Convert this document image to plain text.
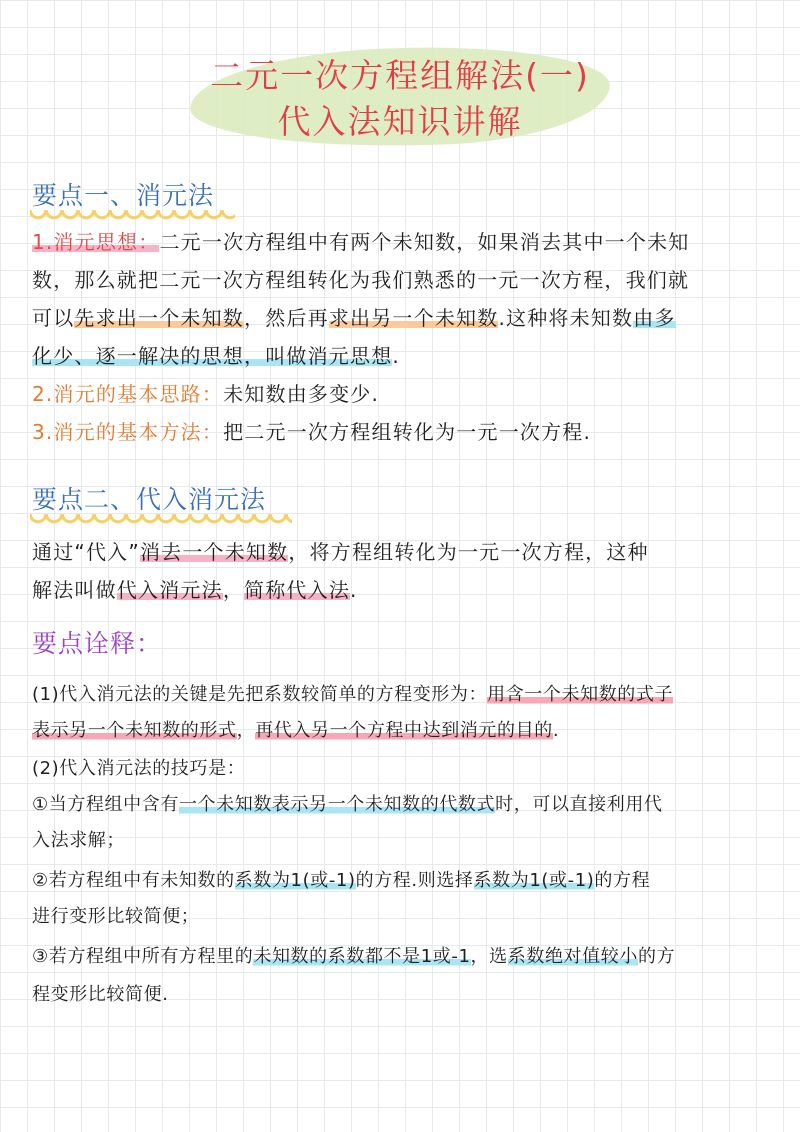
二元一次方程组解法(一)
代入法知识讲解
要点一、消元法
1.消元思想：二元一次方程组中有两个未知数，如果消去其中一个未知
数，那么就把二元一次方程组转化为我们熟悉的一元一次方程，我们就
可以先求出一个未知数，然后再求出另一个未知数.这种将未知数由多
化少、逐一解决的思想，叫做消元思想.
2.消元的基本思路：未知数由多变少.
3.消元的基本方法：把二元一次方程组转化为一元一次方程.
要点二、代入消元法
通过“代入”消去一个未知数，将方程组转化为一元一次方程，这种
解法叫做代入消元法，简称代入法.
要点诠释：
(1)代入消元法的关键是先把系数较简单的方程变形为：用含一个未知数的式子
表示另一个未知数的形式，再代入另一个方程中达到消元的目的.
(2)代入消元法的技巧是：
①当方程组中含有一个未知数表示另一个未知数的代数式时，可以直接利用代
入法求解；
②若方程组中有未知数的系数为1(或-1)的方程.则选择系数为1(或-1)的方程
进行变形比较简便；
③若方程组中所有方程里的未知数的系数都不是1或-1，选系数绝对值较小的方
程变形比较简便.
